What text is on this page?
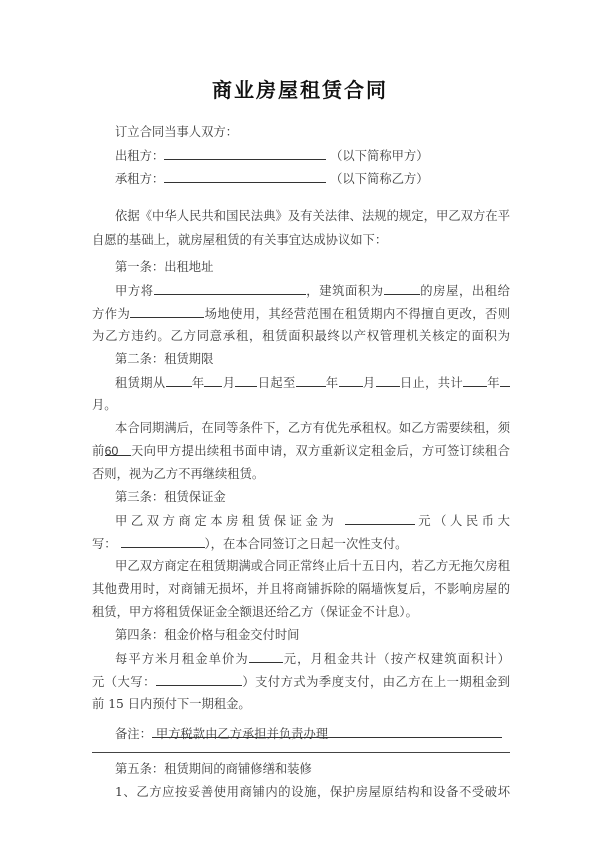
商业房屋租赁合同
订立合同当事人双方：
出租方：	（以下简称甲方）
承租方：	（以下简称乙方）
依据《中华人民共和国民法典》及有关法律、法规的规定，甲乙双方在平
自愿的基础上，就房屋租赁的有关事宜达成协议如下：
第一条：出租地址
甲方将	，建筑面积为	的房屋，出租给
方作为	场地使用，其经营范围在租赁期内不得擅自更改，否则
为乙方违约。乙方同意承租，租赁面积最终以产权管理机关核定的面积为
第二条：租赁期限
租赁期从 年 月 日起至 年 月 日止，共计 年
月。
本合同期满后，在同等条件下，乙方有优先承租权。如乙方需要续租，须
前60 天向甲方提出续租书面申请，双方重新议定租金后，方可签订续租合
否则，视为乙方不再继续租赁。
第三条：租赁保证金
甲乙双方商定本房租赁保证金为	元（人民币大
写：	），在本合同签订之日起一次性支付。
甲乙双方商定在租赁期满或合同正常终止后十五日内，若乙方无拖欠房租
其他费用时，对商铺无损坏，并且将商铺拆除的隔墙恢复后，不影响房屋的
租赁，甲方将租赁保证金全额退还给乙方（保证金不计息）。
第四条：租金价格与租金交付时间
每平方米月租金单价为	元，月租金共计（按产权建筑面积计）
元（大写：	）支付方式为季度支付，由乙方在上一期租金到
前 15 日内预付下一期租金。
备注： 甲方税款由乙方承担并负责办理
第五条：租赁期间的商铺修缮和装修
1、乙方应按妥善使用商铺内的设施，保护房屋原结构和设备不受破坏
